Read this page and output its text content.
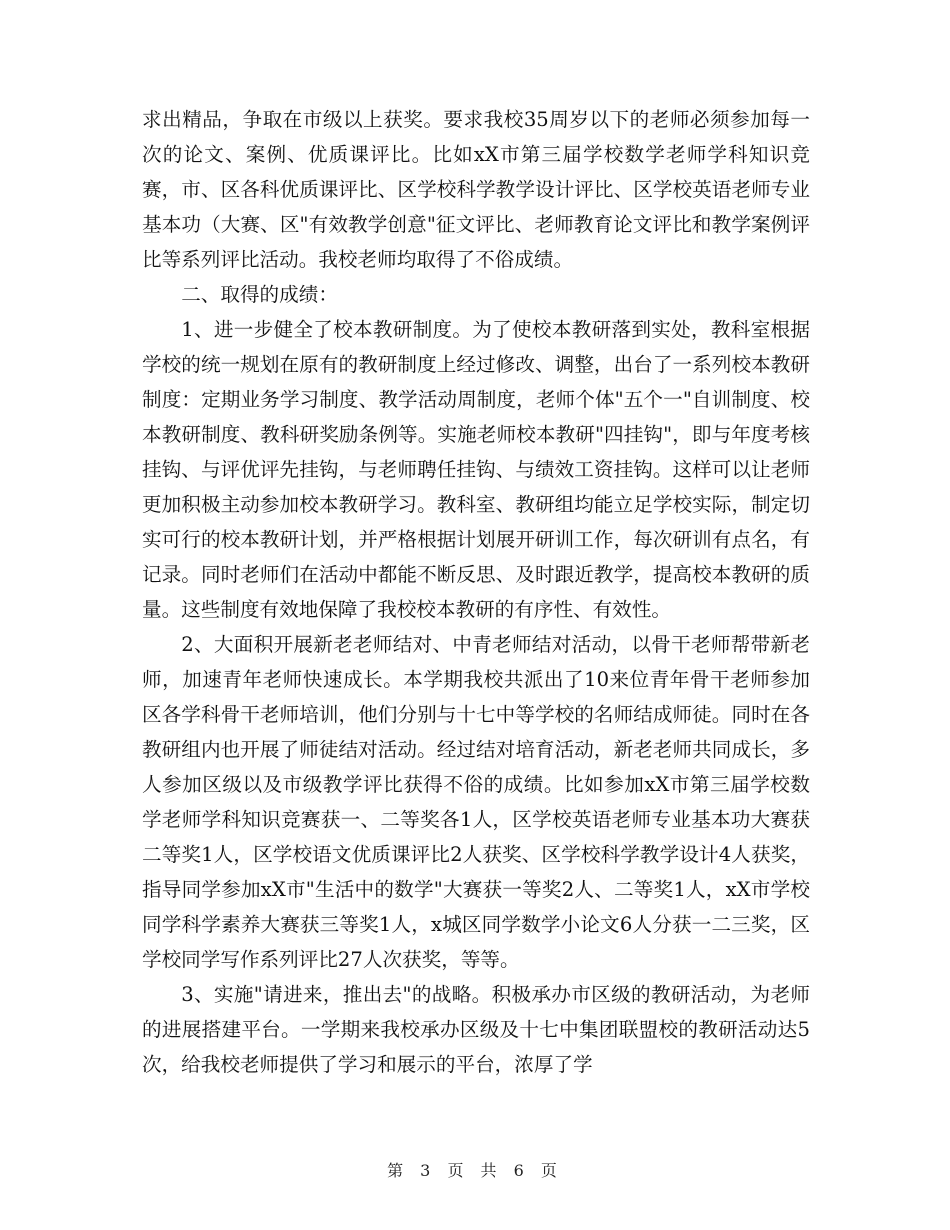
求出精品，争取在市级以上获奖。要求我校35周岁以下的老师必须参加每一次的论文、案例、优质课评比。比如xX市第三届学校数学老师学科知识竞赛，市、区各科优质课评比、区学校科学教学设计评比、区学校英语老师专业基本功（大赛、区"有效教学创意"征文评比、老师教育论文评比和教学案例评比等系列评比活动。我校老师均取得了不俗成绩。

二、取得的成绩：

1、进一步健全了校本教研制度。为了使校本教研落到实处，教科室根据学校的统一规划在原有的教研制度上经过修改、调整，出台了一系列校本教研制度：定期业务学习制度、教学活动周制度，老师个体"五个一"自训制度、校本教研制度、教科研奖励条例等。实施老师校本教研"四挂钩"，即与年度考核挂钩、与评优评先挂钩，与老师聘任挂钩、与绩效工资挂钩。这样可以让老师更加积极主动参加校本教研学习。教科室、教研组均能立足学校实际，制定切实可行的校本教研计划，并严格根据计划展开研训工作，每次研训有点名，有记录。同时老师们在活动中都能不断反思、及时跟近教学，提高校本教研的质量。这些制度有效地保障了我校校本教研的有序性、有效性。

2、大面积开展新老老师结对、中青老师结对活动，以骨干老师帮带新老师，加速青年老师快速成长。本学期我校共派出了10来位青年骨干老师参加区各学科骨干老师培训，他们分别与十七中等学校的名师结成师徒。同时在各教研组内也开展了师徒结对活动。经过结对培育活动，新老老师共同成长，多人参加区级以及市级教学评比获得不俗的成绩。比如参加xX市第三届学校数学老师学科知识竞赛获一、二等奖各1人，区学校英语老师专业基本功大赛获二等奖1人，区学校语文优质课评比2人获奖、区学校科学教学设计4人获奖，指导同学参加xX市"生活中的数学"大赛获一等奖2人、二等奖1人，xX市学校同学科学素养大赛获三等奖1人，x城区同学数学小论文6人分获一二三奖，区学校同学写作系列评比27人次获奖，等等。

3、实施"请进来，推出去"的战略。积极承办市区级的教研活动，为老师的进展搭建平台。一学期来我校承办区级及十七中集团联盟校的教研活动达5次，给我校老师提供了学习和展示的平台，浓厚了学

第 3 页 共 6 页
